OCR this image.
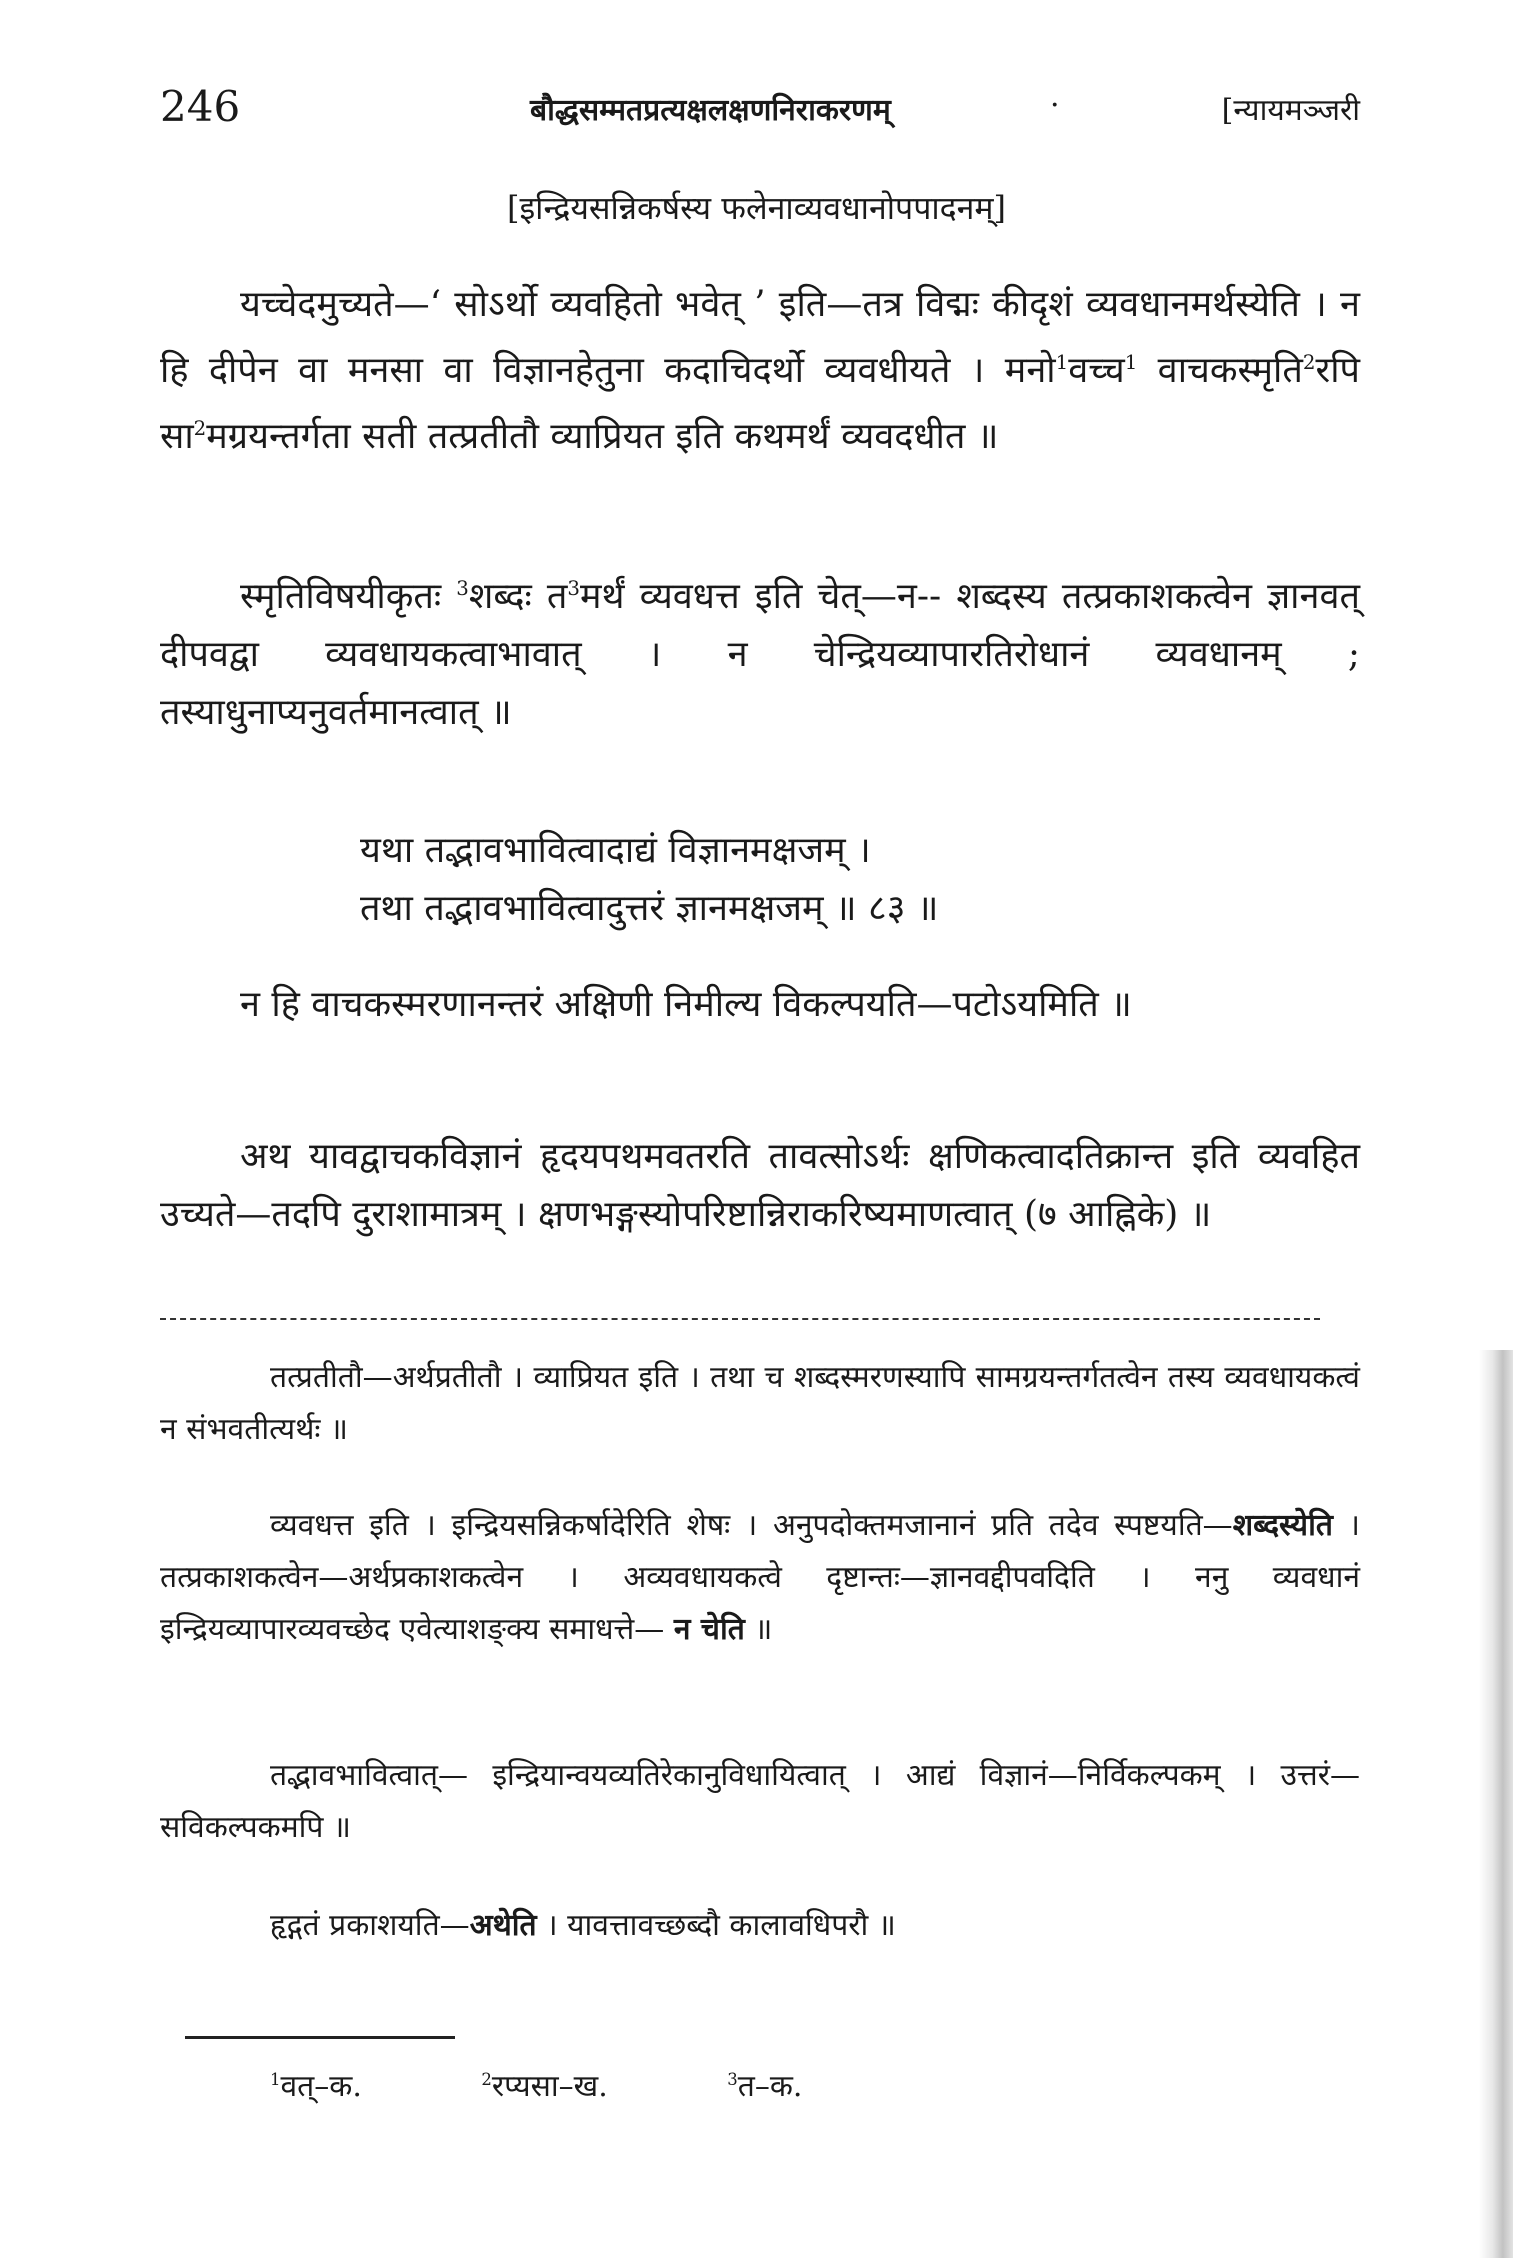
246	बौद्धसम्मतप्रत्यक्षलक्षणनिराकरणम्	·	[न्यायमञ्जरी
[इन्द्रियसन्निकर्षस्य फलेनाव्यवधानोपपादनम्]

यच्चेदमुच्यते—‘ सोऽर्थो व्यवहितो भवेत् ’ इति—तत्र विद्मः कीदृशं व्यवधानमर्थस्येति । न हि दीपेन वा मनसा वा विज्ञानहेतुना कदाचिदर्थो व्यवधीयते । मनो$^1$वच्च$^1$ वाचकस्मृति$^2$रपि सा$^2$मग्रयन्तर्गता सती तत्प्रतीतौ व्याप्रियत इति कथमर्थं व्यवदधीत ॥

स्मृतिविषयीकृतः $^3$शब्दः त$^3$मर्थं व्यवधत्त इति चेत्—न-- शब्दस्य तत्प्रकाशकत्वेन ज्ञानवत् दीपवद्वा व्यवधायकत्वाभावात् । न चेन्द्रियव्यापारतिरोधानं व्यवधानम् ; तस्याधुनाप्यनुवर्तमानत्वात् ॥

यथा तद्भावभावित्वादाद्यं विज्ञानमक्षजम् ।
तथा तद्भावभावित्वादुत्तरं ज्ञानमक्षजम् ॥ ८३ ॥

न हि वाचकस्मरणानन्तरं अक्षिणी निमील्य विकल्पयति—पटोऽयमिति ॥

अथ यावद्वाचकविज्ञानं हृदयपथमवतरति तावत्सोऽर्थः क्षणिकत्वादतिक्रान्त इति व्यवहित उच्यते—तदपि दुराशामात्रम् । क्षणभङ्गस्योपरिष्टान्निराकरिष्यमाणत्वात् (७ आह्निके) ॥

तत्प्रतीतौ—अर्थप्रतीतौ । व्याप्रियत इति । तथा च शब्दस्मरणस्यापि सामग्रयन्तर्गतत्वेन तस्य व्यवधायकत्वं न संभवतीत्यर्थः ॥

व्यवधत्त इति । इन्द्रियसन्निकर्षादेरिति शेषः । अनुपदोक्तमजानानं प्रति तदेव स्पष्टयति—शब्दस्येति । तत्प्रकाशकत्वेन—अर्थप्रकाशकत्वेन । अव्यवधायकत्वे दृष्टान्तः—ज्ञानवद्दीपवदिति । ननु व्यवधानं इन्द्रियव्यापारव्यवच्छेद एवेत्याशङ्क्य समाधत्ते— न चेति ॥

तद्भावभावित्वात्— इन्द्रियान्वयव्यतिरेकानुविधायित्वात् । आद्यं विज्ञानं—निर्विकल्पकम् । उत्तरं—सविकल्पकमपि ॥

हृद्गतं प्रकाशयति—अथेति । यावत्तावच्छब्दौ कालावधिपरौ ॥

$^1$वत्–क.	$^2$रप्यसा–ख.	$^3$त–क.
